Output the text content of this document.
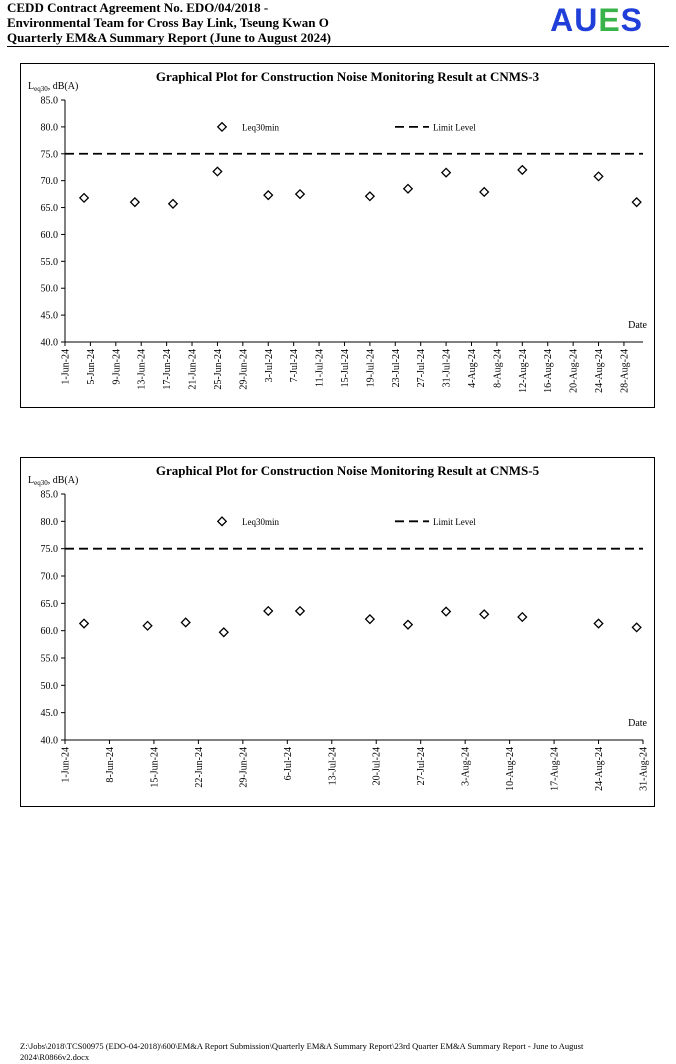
CEDD Contract Agreement No. EDO/04/2018 -
Environmental Team for Cross Bay Link, Tseung Kwan O
Quarterly EM&A Summary Report (June to August 2024)	AUES
Graphical Plot for Construction Noise Monitoring Result at CNMS-3
$L_{eq30}$, dB(A)
40.0
45.0
50.0
55.0
60.0
65.0
70.0
75.0
80.0
85.0
1-Jun-24 5-Jun-24 9-Jun-24 13-Jun-24 17-Jun-24 21-Jun-24 25-Jun-24 29-Jun-24 3-Jul-24 7-Jul-24 11-Jul-24 15-Jul-24 19-Jul-24 23-Jul-24 27-Jul-24 31-Jul-24 4-Aug-24 8-Aug-24 12-Aug-24 16-Aug-24 20-Aug-24 24-Aug-24 28-Aug-24
Date
Leq30min	Limit Level
Graphical Plot for Construction Noise Monitoring Result at CNMS-5
$L_{eq30}$, dB(A)
40.0
45.0
50.0
55.0
60.0
65.0
70.0
75.0
80.0
85.0
1-Jun-24	8-Jun-24	15-Jun-24	22-Jun-24	29-Jun-24	6-Jul-24	13-Jul-24	20-Jul-24	27-Jul-24	3-Aug-24	10-Aug-24	17-Aug-24	24-Aug-24	31-Aug-24
Date
Leq30min	Limit Level
Z:\Jobs\2018\TCS00975 (EDO-04-2018)\600\EM&A Report Submission\Quarterly EM&A Summary Report\23rd Quarter EM&A Summary Report - June to August 2024\R0866v2.docx
